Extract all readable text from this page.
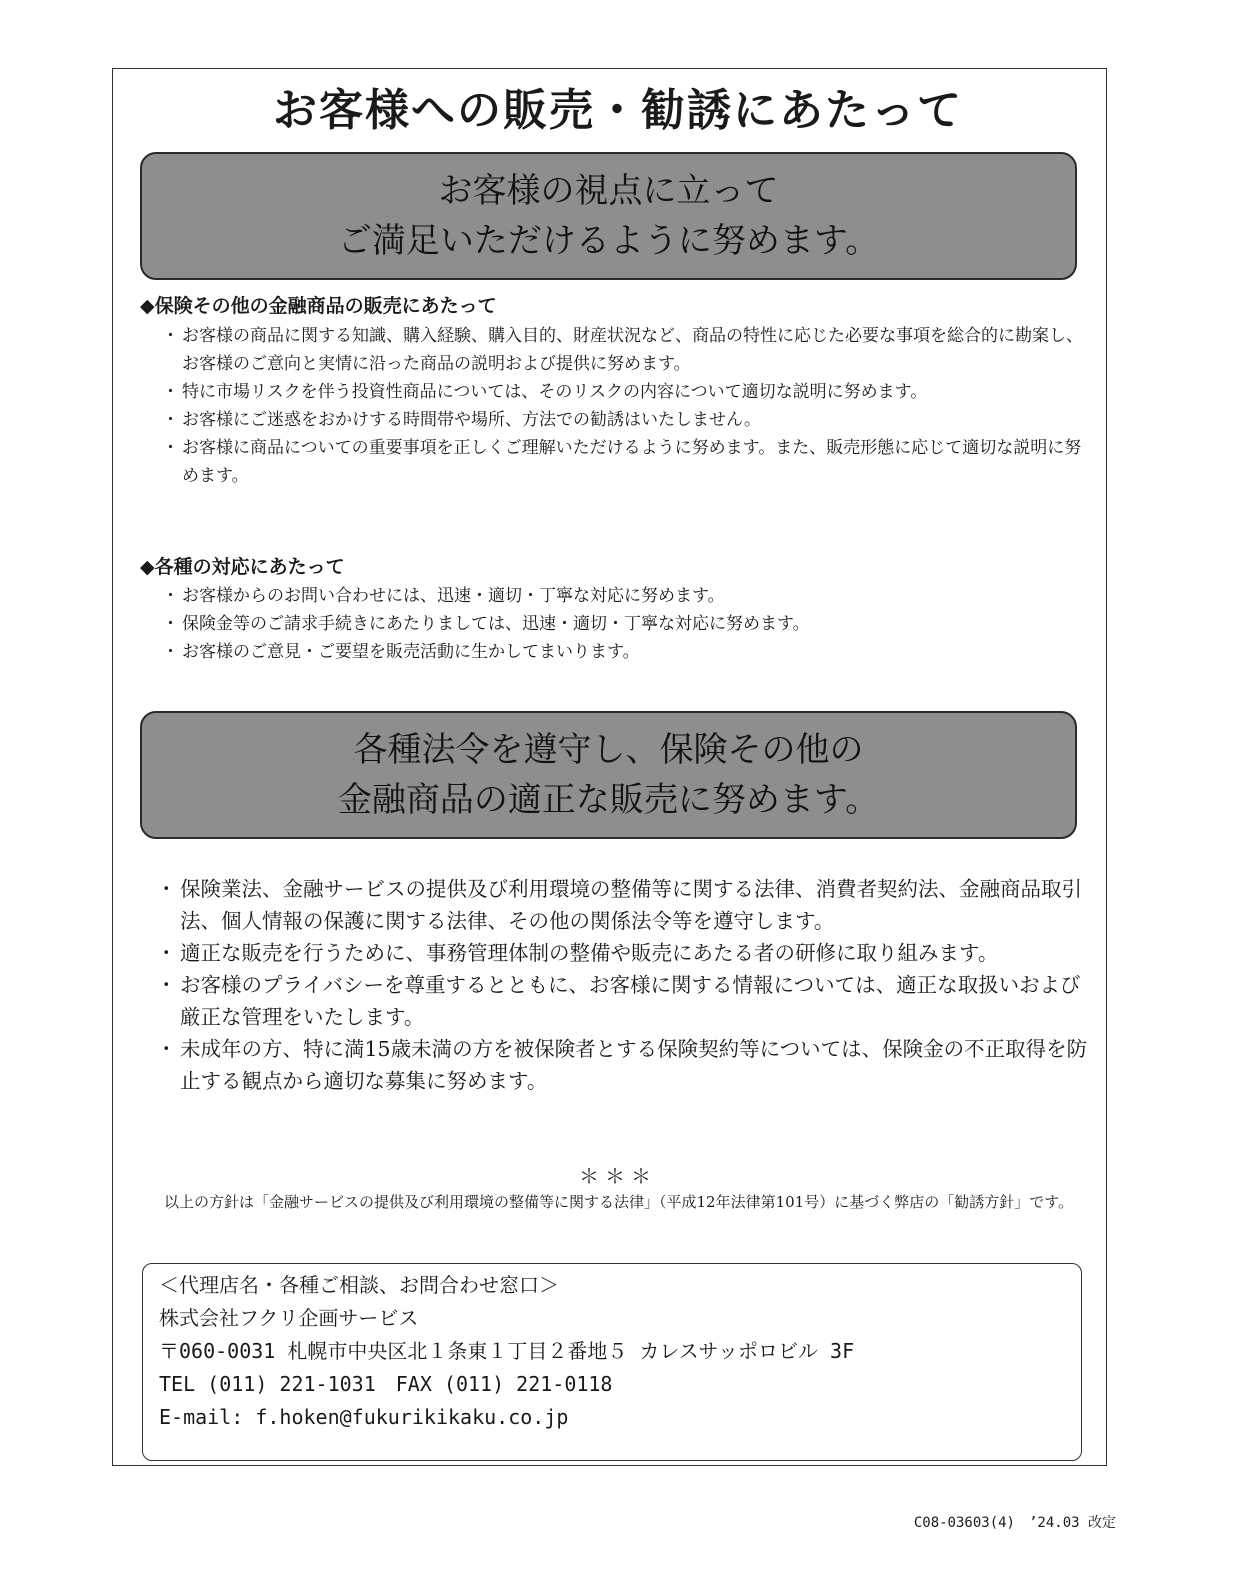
お客様への販売・勧誘にあたって
お客様の視点に立って
ご満足いただけるように努めます。
◆保険その他の金融商品の販売にあたって
・ お客様の商品に関する知識、購入経験、購入目的、財産状況など、商品の特性に応じた必要な事項を総合的に勘案し、お客様のご意向と実情に沿った商品の説明および提供に努めます。
・ 特に市場リスクを伴う投資性商品については、そのリスクの内容について適切な説明に努めます。
・ お客様にご迷惑をおかけする時間帯や場所、方法での勧誘はいたしません。
・ お客様に商品についての重要事項を正しくご理解いただけるように努めます。また、販売形態に応じて適切な説明に努めます。
◆各種の対応にあたって
・ お客様からのお問い合わせには、迅速・適切・丁寧な対応に努めます。
・ 保険金等のご請求手続きにあたりましては、迅速・適切・丁寧な対応に努めます。
・ お客様のご意見・ご要望を販売活動に生かしてまいります。
各種法令を遵守し、保険その他の
金融商品の適正な販売に努めます。
・ 保険業法、金融サービスの提供及び利用環境の整備等に関する法律、消費者契約法、金融商品取引法、個人情報の保護に関する法律、その他の関係法令等を遵守します。
・ 適正な販売を行うために、事務管理体制の整備や販売にあたる者の研修に取り組みます。
・ お客様のプライバシーを尊重するとともに、お客様に関する情報については、適正な取扱いおよび厳正な管理をいたします。
・ 未成年の方、特に満15歳未満の方を被保険者とする保険契約等については、保険金の不正取得を防止する観点から適切な募集に努めます。

＊＊＊

以上の方針は「金融サービスの提供及び利用環境の整備等に関する法律」（平成12年法律第101号）に基づく弊店の「勧誘方針」です。

＜代理店名・各種ご相談、お問合わせ窓口＞
株式会社フクリ企画サービス
〒060-0031 札幌市中央区北１条東１丁目２番地５ カレスサッポロビル 3F
TEL (011) 221-1031　FAX (011) 221-0118
E-mail: f.hoken@fukurikikaku.co.jp

C08-03603(4)　’24.03 改定
